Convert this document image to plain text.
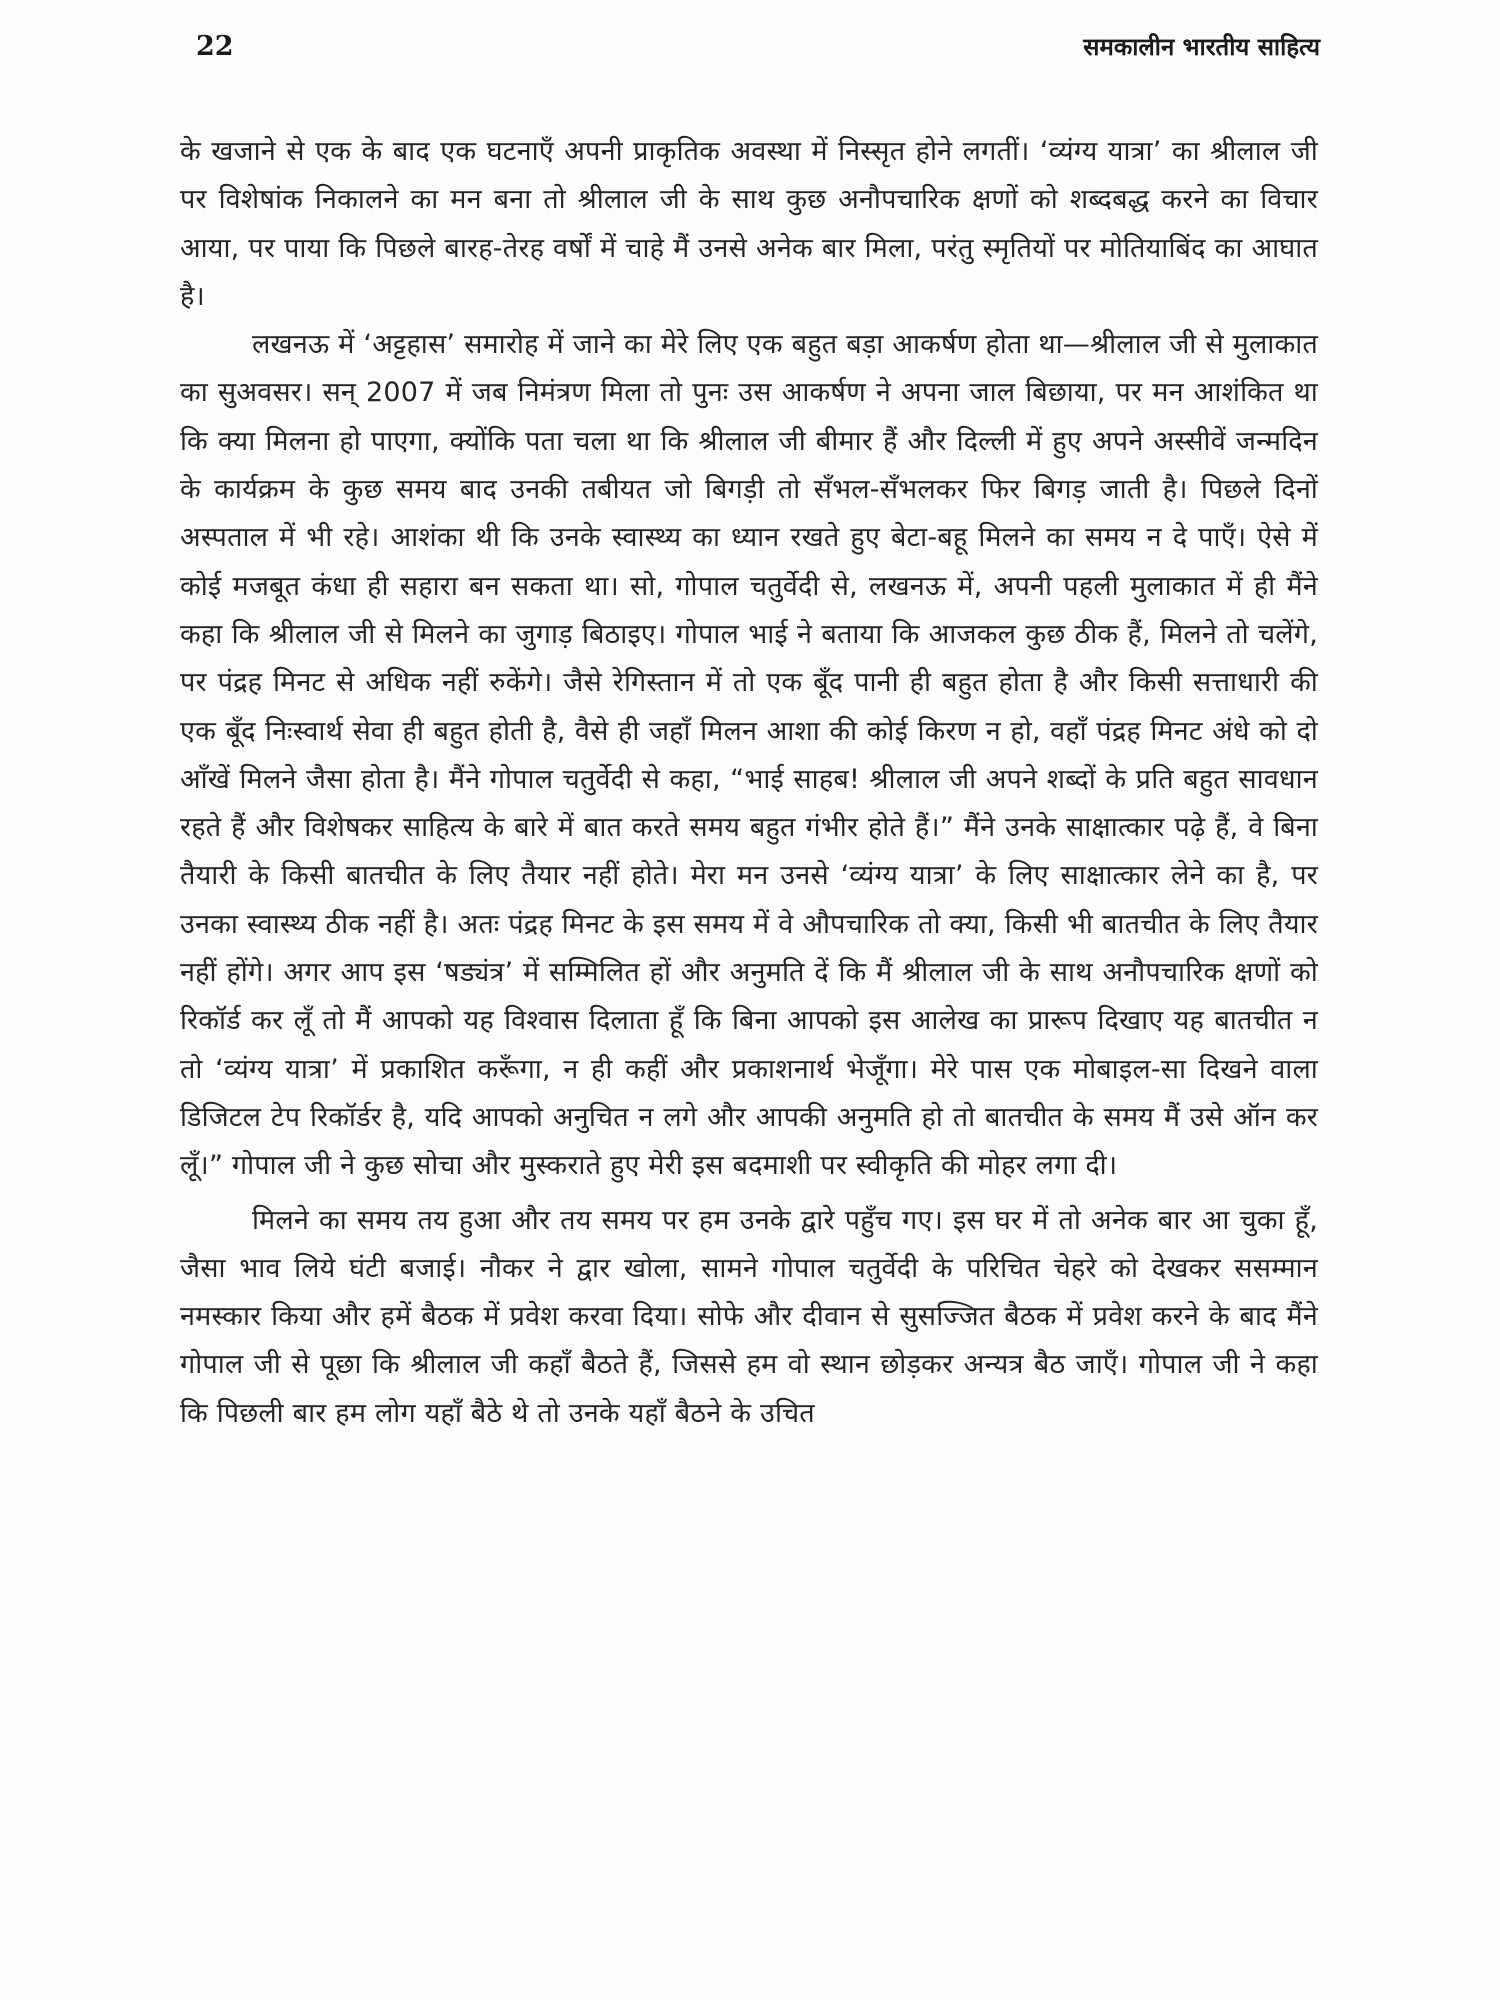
22	समकालीन भारतीय साहित्य

के खजाने से एक के बाद एक घटनाएँ अपनी प्राकृतिक अवस्था में निस्सृत होने लगतीं। ‘व्यंग्य यात्रा’ का श्रीलाल जी पर विशेषांक निकालने का मन बना तो श्रीलाल जी के साथ कुछ अनौपचारिक क्षणों को शब्दबद्ध करने का विचार आया, पर पाया कि पिछले बारह-तेरह वर्षों में चाहे मैं उनसे अनेक बार मिला, परंतु स्मृतियों पर मोतियाबिंद का आघात है।

लखनऊ में ‘अट्टहास’ समारोह में जाने का मेरे लिए एक बहुत बड़ा आकर्षण होता था—श्रीलाल जी से मुलाकात का सुअवसर। सन् 2007 में जब निमंत्रण मिला तो पुनः उस आकर्षण ने अपना जाल बिछाया, पर मन आशंकित था कि क्या मिलना हो पाएगा, क्योंकि पता चला था कि श्रीलाल जी बीमार हैं और दिल्ली में हुए अपने अस्सीवें जन्मदिन के कार्यक्रम के कुछ समय बाद उनकी तबीयत जो बिगड़ी तो सँभल-सँभलकर फिर बिगड़ जाती है। पिछले दिनों अस्पताल में भी रहे। आशंका थी कि उनके स्वास्थ्य का ध्यान रखते हुए बेटा-बहू मिलने का समय न दे पाएँ। ऐसे में कोई मजबूत कंधा ही सहारा बन सकता था। सो, गोपाल चतुर्वेदी से, लखनऊ में, अपनी पहली मुलाकात में ही मैंने कहा कि श्रीलाल जी से मिलने का जुगाड़ बिठाइए। गोपाल भाई ने बताया कि आजकल कुछ ठीक हैं, मिलने तो चलेंगे, पर पंद्रह मिनट से अधिक नहीं रुकेंगे। जैसे रेगिस्तान में तो एक बूँद पानी ही बहुत होता है और किसी सत्ताधारी की एक बूँद निःस्वार्थ सेवा ही बहुत होती है, वैसे ही जहाँ मिलन आशा की कोई किरण न हो, वहाँ पंद्रह मिनट अंधे को दो आँखें मिलने जैसा होता है। मैंने गोपाल चतुर्वेदी से कहा, “भाई साहब! श्रीलाल जी अपने शब्दों के प्रति बहुत सावधान रहते हैं और विशेषकर साहित्य के बारे में बात करते समय बहुत गंभीर होते हैं।” मैंने उनके साक्षात्कार पढ़े हैं, वे बिना तैयारी के किसी बातचीत के लिए तैयार नहीं होते। मेरा मन उनसे ‘व्यंग्य यात्रा’ के लिए साक्षात्कार लेने का है, पर उनका स्वास्थ्य ठीक नहीं है। अतः पंद्रह मिनट के इस समय में वे औपचारिक तो क्या, किसी भी बातचीत के लिए तैयार नहीं होंगे। अगर आप इस ‘षड्यंत्र’ में सम्मिलित हों और अनुमति दें कि मैं श्रीलाल जी के साथ अनौपचारिक क्षणों को रिकॉर्ड कर लूँ तो मैं आपको यह विश्वास दिलाता हूँ कि बिना आपको इस आलेख का प्रारूप दिखाए यह बातचीत न तो ‘व्यंग्य यात्रा’ में प्रकाशित करूँगा, न ही कहीं और प्रकाशनार्थ भेजूँगा। मेरे पास एक मोबाइल-सा दिखने वाला डिजिटल टेप रिकॉर्डर है, यदि आपको अनुचित न लगे और आपकी अनुमति हो तो बातचीत के समय मैं उसे ऑन कर लूँ।” गोपाल जी ने कुछ सोचा और मुस्कराते हुए मेरी इस बदमाशी पर स्वीकृति की मोहर लगा दी।

मिलने का समय तय हुआ और तय समय पर हम उनके द्वारे पहुँच गए। इस घर में तो अनेक बार आ चुका हूँ, जैसा भाव लिये घंटी बजाई। नौकर ने द्वार खोला, सामने गोपाल चतुर्वेदी के परिचित चेहरे को देखकर ससम्मान नमस्कार किया और हमें बैठक में प्रवेश करवा दिया। सोफे और दीवान से सुसज्जित बैठक में प्रवेश करने के बाद मैंने गोपाल जी से पूछा कि श्रीलाल जी कहाँ बैठते हैं, जिससे हम वो स्थान छोड़कर अन्यत्र बैठ जाएँ। गोपाल जी ने कहा कि पिछली बार हम लोग यहाँ बैठे थे तो उनके यहाँ बैठने के उचित
